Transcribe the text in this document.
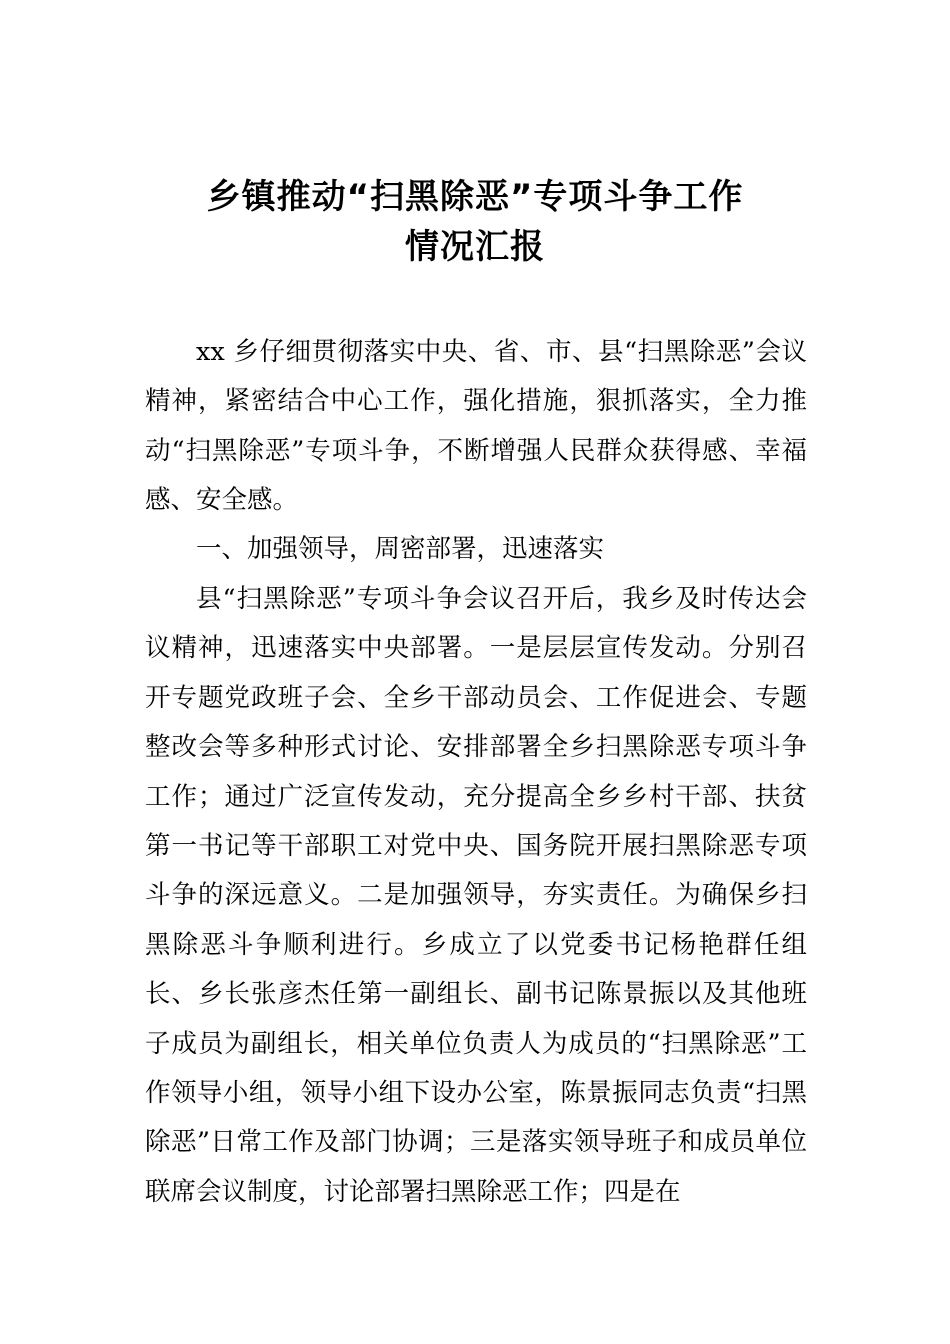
乡镇推动“扫黑除恶”专项斗争工作
情况汇报

xx 乡仔细贯彻落实中央、省、市、县“扫黑除恶”会议精神，紧密结合中心工作，强化措施，狠抓落实，全力推动“扫黑除恶”专项斗争，不断增强人民群众获得感、幸福感、安全感。

一、加强领导，周密部署，迅速落实

县“扫黑除恶”专项斗争会议召开后，我乡及时传达会议精神，迅速落实中央部署。一是层层宣传发动。分别召开专题党政班子会、全乡干部动员会、工作促进会、专题整改会等多种形式讨论、安排部署全乡扫黑除恶专项斗争工作；通过广泛宣传发动，充分提高全乡乡村干部、扶贫第一书记等干部职工对党中央、国务院开展扫黑除恶专项斗争的深远意义。二是加强领导，夯实责任。为确保乡扫黑除恶斗争顺利进行。乡成立了以党委书记杨艳群任组长、乡长张彦杰任第一副组长、副书记陈景振以及其他班子成员为副组长，相关单位负责人为成员的“扫黑除恶”工作领导小组，领导小组下设办公室，陈景振同志负责“扫黑除恶”日常工作及部门协调；三是落实领导班子和成员单位联席会议制度，讨论部署扫黑除恶工作；四是在
